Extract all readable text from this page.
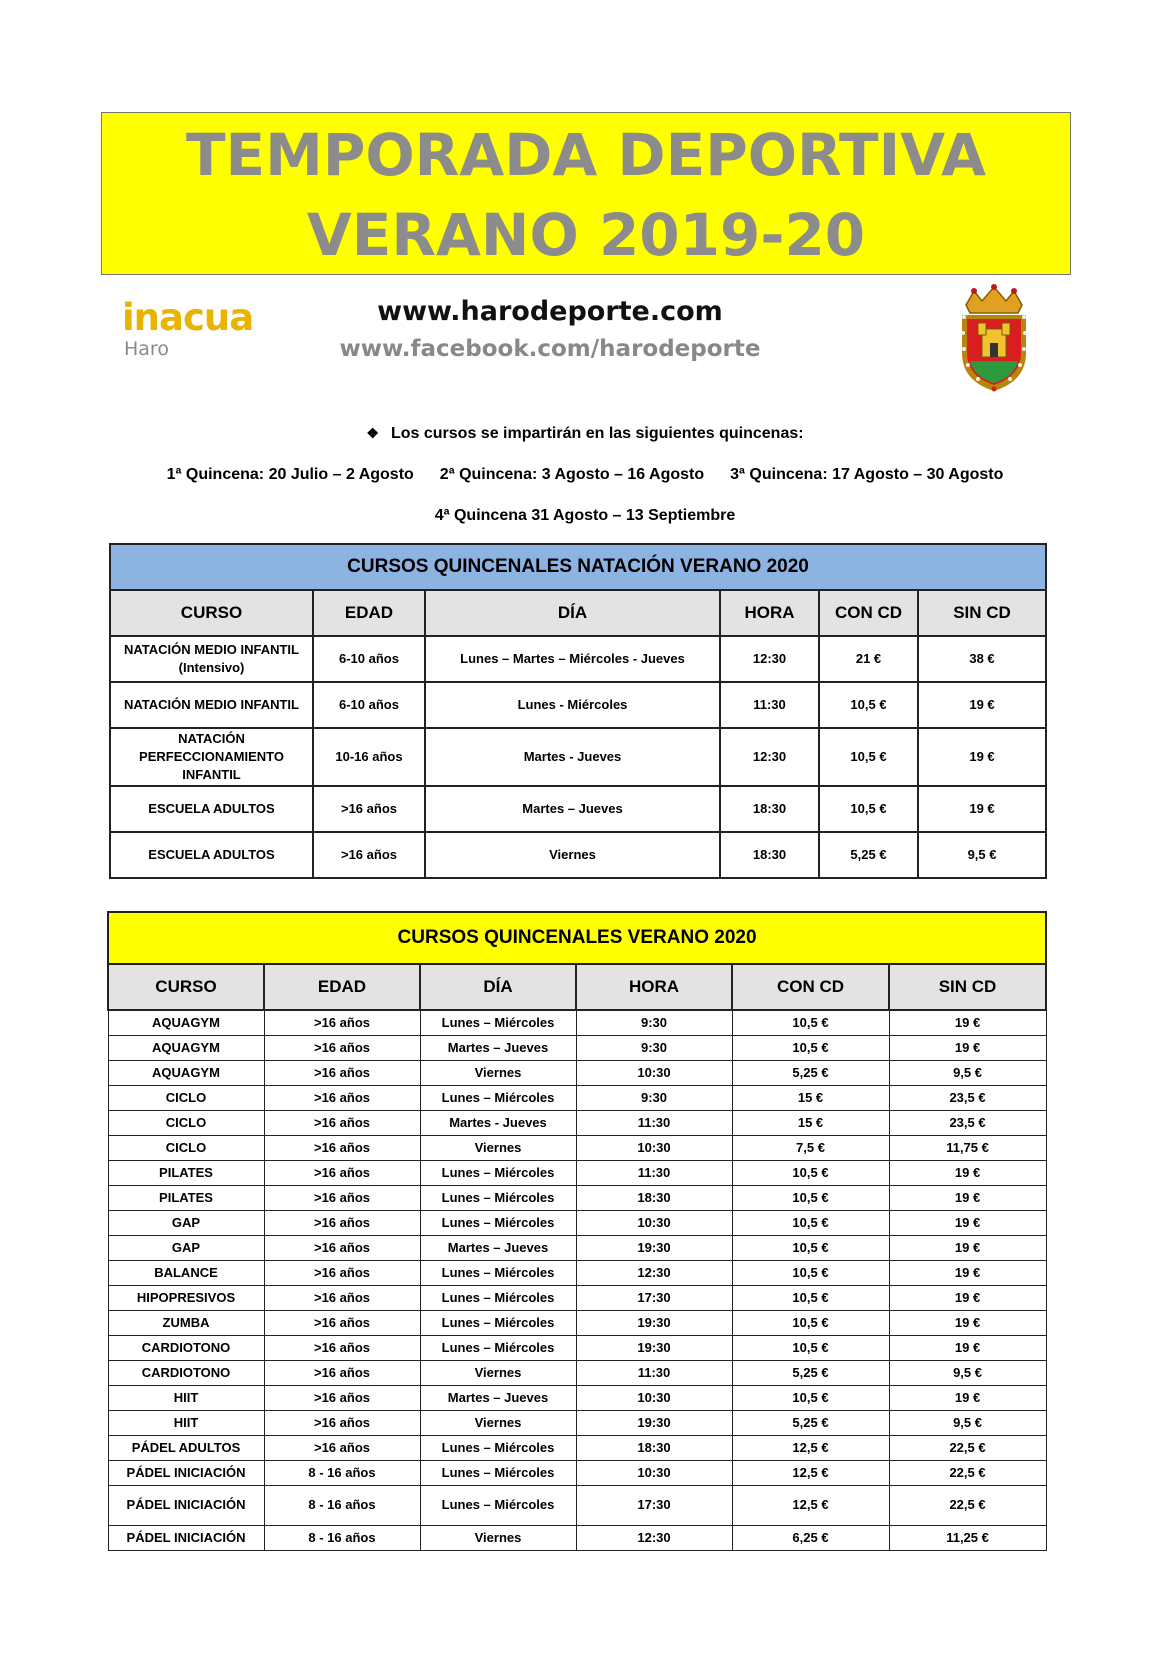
TEMPORADA DEPORTIVA
VERANO 2019-20
inacua
Haro
www.harodeporte.com
www.facebook.com/harodeporte
❖ Los cursos se impartirán en las siguientes quincenas:
1ª Quincena: 20 Julio – 2 Agosto 2ª Quincena: 3 Agosto – 16 Agosto 3ª Quincena: 17 Agosto – 30 Agosto
4ª Quincena 31 Agosto – 13 Septiembre
CURSOS QUINCENALES NATACIÓN VERANO 2020					
CURSO	EDAD	DÍA	HORA	CON CD	SIN CD
NATACIÓN MEDIO INFANTIL (Intensivo)	6-10 años	Lunes – Martes – Miércoles - Jueves	12:30	21 €	38 €
NATACIÓN MEDIO INFANTIL	6-10 años	Lunes - Miércoles	11:30	10,5 €	19 €
NATACIÓN PERFECCIONAMIENTO INFANTIL	10-16 años	Martes - Jueves	12:30	10,5 €	19 €
ESCUELA ADULTOS	>16 años	Martes – Jueves	18:30	10,5 €	19 €
ESCUELA ADULTOS	>16 años	Viernes	18:30	5,25 €	9,5 €
CURSOS QUINCENALES VERANO 2020					
CURSO	EDAD	DÍA	HORA	CON CD	SIN CD
AQUAGYM	>16 años	Lunes – Miércoles	9:30	10,5 €	19 €
AQUAGYM	>16 años	Martes – Jueves	9:30	10,5 €	19 €
AQUAGYM	>16 años	Viernes	10:30	5,25 €	9,5 €
CICLO	>16 años	Lunes – Miércoles	9:30	15 €	23,5 €
CICLO	>16 años	Martes - Jueves	11:30	15 €	23,5 €
CICLO	>16 años	Viernes	10:30	7,5 €	11,75 €
PILATES	>16 años	Lunes – Miércoles	11:30	10,5 €	19 €
PILATES	>16 años	Lunes – Miércoles	18:30	10,5 €	19 €
GAP	>16 años	Lunes – Miércoles	10:30	10,5 €	19 €
GAP	>16 años	Martes – Jueves	19:30	10,5 €	19 €
BALANCE	>16 años	Lunes – Miércoles	12:30	10,5 €	19 €
HIPOPRESIVOS	>16 años	Lunes – Miércoles	17:30	10,5 €	19 €
ZUMBA	>16 años	Lunes – Miércoles	19:30	10,5 €	19 €
CARDIOTONO	>16 años	Lunes – Miércoles	19:30	10,5 €	19 €
CARDIOTONO	>16 años	Viernes	11:30	5,25 €	9,5 €
HIIT	>16 años	Martes – Jueves	10:30	10,5 €	19 €
HIIT	>16 años	Viernes	19:30	5,25 €	9,5 €
PÁDEL ADULTOS	>16 años	Lunes – Miércoles	18:30	12,5 €	22,5 €
PÁDEL INICIACIÓN	8 - 16 años	Lunes – Miércoles	10:30	12,5 €	22,5 €
PÁDEL INICIACIÓN	8 - 16 años	Lunes – Miércoles	17:30	12,5 €	22,5 €
PÁDEL INICIACIÓN	8 - 16 años	Viernes	12:30	6,25 €	11,25 €
